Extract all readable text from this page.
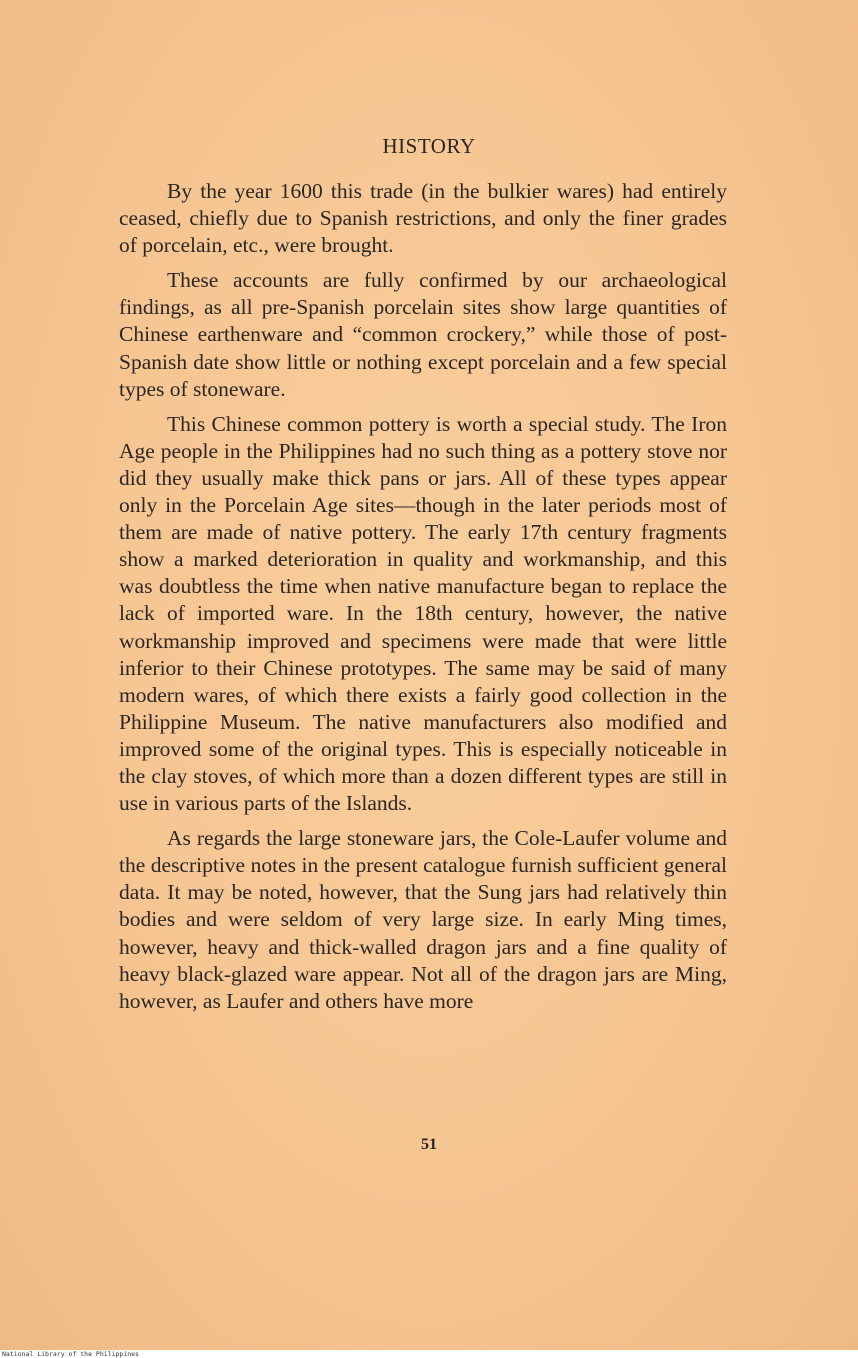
HISTORY

By the year 1600 this trade (in the bulkier wares) had entirely ceased, chiefly due to Spanish restrictions, and only the finer grades of porcelain, etc., were brought.

These accounts are fully confirmed by our archaeological findings, as all pre-Spanish porcelain sites show large quantities of Chinese earthenware and “common crockery,” while those of post-Spanish date show little or nothing except porcelain and a few special types of stoneware.

This Chinese common pottery is worth a special study. The Iron Age people in the Philippines had no such thing as a pottery stove nor did they usually make thick pans or jars. All of these types appear only in the Porcelain Age sites—though in the later periods most of them are made of native pottery. The early 17th century fragments show a marked deterioration in quality and workmanship, and this was doubtless the time when native manufacture began to replace the lack of imported ware. In the 18th century, however, the native workmanship improved and specimens were made that were little inferior to their Chinese prototypes. The same may be said of many modern wares, of which there exists a fairly good collection in the Philippine Museum. The native manufacturers also modified and improved some of the original types. This is especially noticeable in the clay stoves, of which more than a dozen different types are still in use in various parts of the Islands.

As regards the large stoneware jars, the Cole-Laufer volume and the descriptive notes in the present catalogue furnish sufficient general data. It may be noted, however, that the Sung jars had relatively thin bodies and were seldom of very large size. In early Ming times, however, heavy and thick-walled dragon jars and a fine quality of heavy black-glazed ware appear. Not all of the dragon jars are Ming, however, as Laufer and others have more

51
National Library of the Philippines
